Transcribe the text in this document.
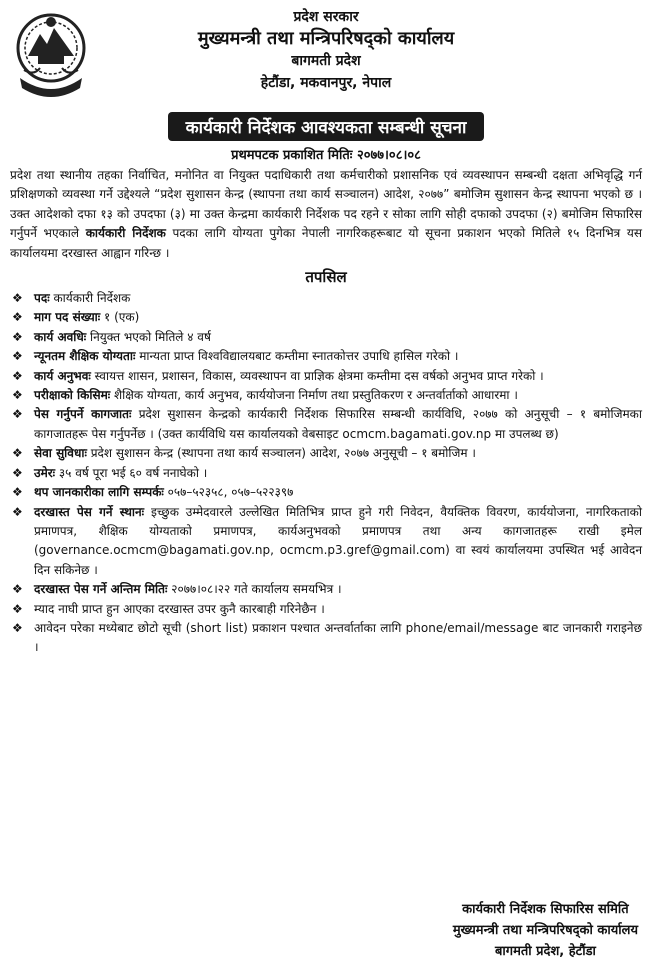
प्रदेश सरकार
मुख्यमन्त्री तथा मन्त्रिपरिषद्को कार्यालय
बागमती प्रदेश
हेटौंडा, मकवानपुर, नेपाल
कार्यकारी निर्देशक आवश्यकता सम्बन्धी सूचना
प्रथमपटक प्रकाशित मितिः २०७७।०८।०८

प्रदेश तथा स्थानीय तहका निर्वाचित, मनोनित वा नियुक्त पदाधिकारी तथा कर्मचारीको प्रशासनिक एवं व्यवस्थापन सम्बन्धी दक्षता अभिवृद्धि गर्न प्रशिक्षणको व्यवस्था गर्ने उद्देश्यले “प्रदेश सुशासन केन्द्र (स्थापना तथा कार्य सञ्चालन) आदेश, २०७७” बमोजिम सुशासन केन्द्र स्थापना भएको छ । उक्त आदेशको दफा १३ को उपदफा (३) मा उक्त केन्द्रमा कार्यकारी निर्देशक पद रहने र सोका लागि सोही दफाको उपदफा (२) बमोजिम सिफारिस गर्नुपर्ने भएकाले कार्यकारी निर्देशक पदका लागि योग्यता पुगेका नेपाली नागरिकहरूबाट यो सूचना प्रकाशन भएको मितिले १५ दिनभित्र यस कार्यालयमा दरखास्त आह्वान गरिन्छ ।

तपसिल
❖ पदः कार्यकारी निर्देशक
❖ माग पद संख्याः १ (एक)
❖ कार्य अवधिः नियुक्त भएको मितिले ४ वर्ष
❖ न्यूनतम शैक्षिक योग्यताः मान्यता प्राप्त विश्वविद्यालयबाट कम्तीमा स्नातकोत्तर उपाधि हासिल गरेको ।
❖ कार्य अनुभवः स्वायत्त शासन, प्रशासन, विकास, व्यवस्थापन वा प्राज्ञिक क्षेत्रमा कम्तीमा दस वर्षको अनुभव प्राप्त गरेको ।
❖ परीक्षाको किसिमः शैक्षिक योग्यता, कार्य अनुभव, कार्ययोजना निर्माण तथा प्रस्तुतिकरण र अन्तर्वार्ताको आधारमा ।
❖ पेस गर्नुपर्ने कागजातः प्रदेश सुशासन केन्द्रको कार्यकारी निर्देशक सिफारिस सम्बन्धी कार्यविधि, २०७७ को अनुसूची – १ बमोजिमका कागजातहरू पेस गर्नुपर्नेछ । (उक्त कार्यविधि यस कार्यालयको वेबसाइट ocmcm.bagamati.gov.np मा उपलब्ध छ)
❖ सेवा सुविधाः प्रदेश सुशासन केन्द्र (स्थापना तथा कार्य सञ्चालन) आदेश, २०७७ अनुसूची – १ बमोजिम ।
❖ उमेरः ३५ वर्ष पूरा भई ६० वर्ष ननाघेको ।
❖ थप जानकारीका लागि सम्पर्कः ०५७–५२३५८, ०५७–५२२३९७
❖ दरखास्त पेस गर्ने स्थानः इच्छुक उम्मेदवारले उल्लेखित मितिभित्र प्राप्त हुने गरी निवेदन, वैयक्तिक विवरण, कार्ययोजना, नागरिकताको प्रमाणपत्र, शैक्षिक योग्यताको प्रमाणपत्र, कार्यअनुभवको प्रमाणपत्र तथा अन्य कागजातहरू राखी इमेल (governance.ocmcm@bagamati.gov.np, ocmcm.p3.gref@gmail.com) वा स्वयं कार्यालयमा उपस्थित भई आवेदन दिन सकिनेछ ।
❖ दरखास्त पेस गर्ने अन्तिम मितिः २०७७।०८।२२ गते कार्यालय समयभित्र ।
❖ म्याद नाघी प्राप्त हुन आएका दरखास्त उपर कुनै कारबाही गरिनेछैन ।
❖ आवेदन परेका मध्येबाट छोटो सूची (short list) प्रकाशन पश्चात अन्तर्वार्ताका लागि phone/email/message बाट जानकारी गराइनेछ ।
कार्यकारी निर्देशक सिफारिस समिति
मुख्यमन्त्री तथा मन्त्रिपरिषद्को कार्यालय
बागमती प्रदेश, हेटौंडा
